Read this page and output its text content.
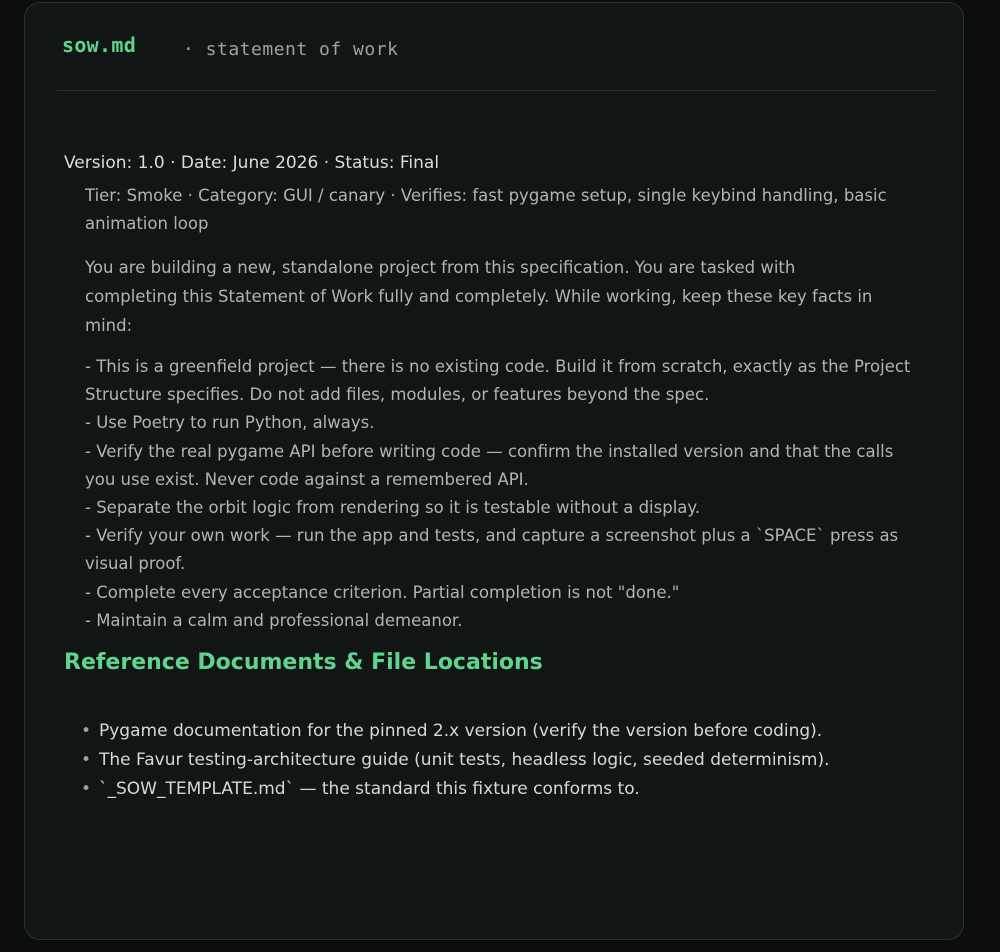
sow.md	· statement of work
Version: 1.0 · Date: June 2026 · Status: Final
Tier: Smoke · Category: GUI / canary · Verifies: fast pygame setup, single keybind handling, basic animation loop
You are building a new, standalone project from this specification. You are tasked with completing this Statement of Work fully and completely. While working, keep these key facts in mind:
- This is a greenfield project — there is no existing code. Build it from scratch, exactly as the Project Structure specifies. Do not add files, modules, or features beyond the spec.
- Use Poetry to run Python, always.
- Verify the real pygame API before writing code — confirm the installed version and that the calls you use exist. Never code against a remembered API.
- Separate the orbit logic from rendering so it is testable without a display.
- Verify your own work — run the app and tests, and capture a screenshot plus a `SPACE` press as visual proof.
- Complete every acceptance criterion. Partial completion is not "done."
- Maintain a calm and professional demeanor.
Reference Documents & File Locations
• Pygame documentation for the pinned 2.x version (verify the version before coding).
• The Favur testing-architecture guide (unit tests, headless logic, seeded determinism).
• `_SOW_TEMPLATE.md` — the standard this fixture conforms to.
